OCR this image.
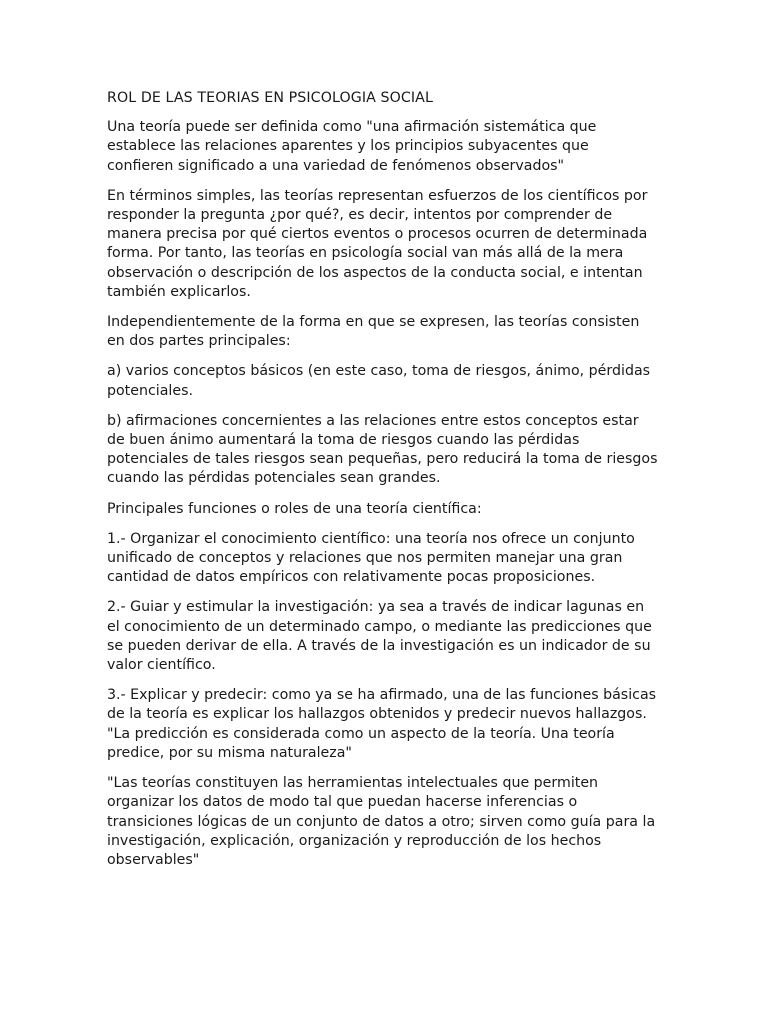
ROL DE LAS TEORIAS EN PSICOLOGIA SOCIAL

Una teoría puede ser definida como "una afirmación sistemática que establece las relaciones aparentes y los principios subyacentes que confieren significado a una variedad de fenómenos observados"

En términos simples, las teorías representan esfuerzos de los científicos por responder la pregunta ¿por qué?, es decir, intentos por comprender de manera precisa por qué ciertos eventos o procesos ocurren de determinada forma. Por tanto, las teorías en psicología social van más allá de la mera observación o descripción de los aspectos de la conducta social, e intentan también explicarlos.

Independientemente de la forma en que se expresen, las teorías consisten en dos partes principales:

a) varios conceptos básicos (en este caso, toma de riesgos, ánimo, pérdidas potenciales.

b) afirmaciones concernientes a las relaciones entre estos conceptos estar de buen ánimo aumentará la toma de riesgos cuando las pérdidas potenciales de tales riesgos sean pequeñas, pero reducirá la toma de riesgos cuando las pérdidas potenciales sean grandes.

Principales funciones o roles de una teoría científica:

1.- Organizar el conocimiento científico: una teoría nos ofrece un conjunto unificado de conceptos y relaciones que nos permiten manejar una gran cantidad de datos empíricos con relativamente pocas proposiciones.

2.- Guiar y estimular la investigación: ya sea a través de indicar lagunas en el conocimiento de un determinado campo, o mediante las predicciones que se pueden derivar de ella. A través de la investigación es un indicador de su valor científico.

3.- Explicar y predecir: como ya se ha afirmado, una de las funciones básicas de la teoría es explicar los hallazgos obtenidos y predecir nuevos hallazgos. "La predicción es considerada como un aspecto de la teoría. Una teoría predice, por su misma naturaleza"

"Las teorías constituyen las herramientas intelectuales que permiten organizar los datos de modo tal que puedan hacerse inferencias o transiciones lógicas de un conjunto de datos a otro; sirven como guía para la investigación, explicación, organización y reproducción de los hechos observables"
